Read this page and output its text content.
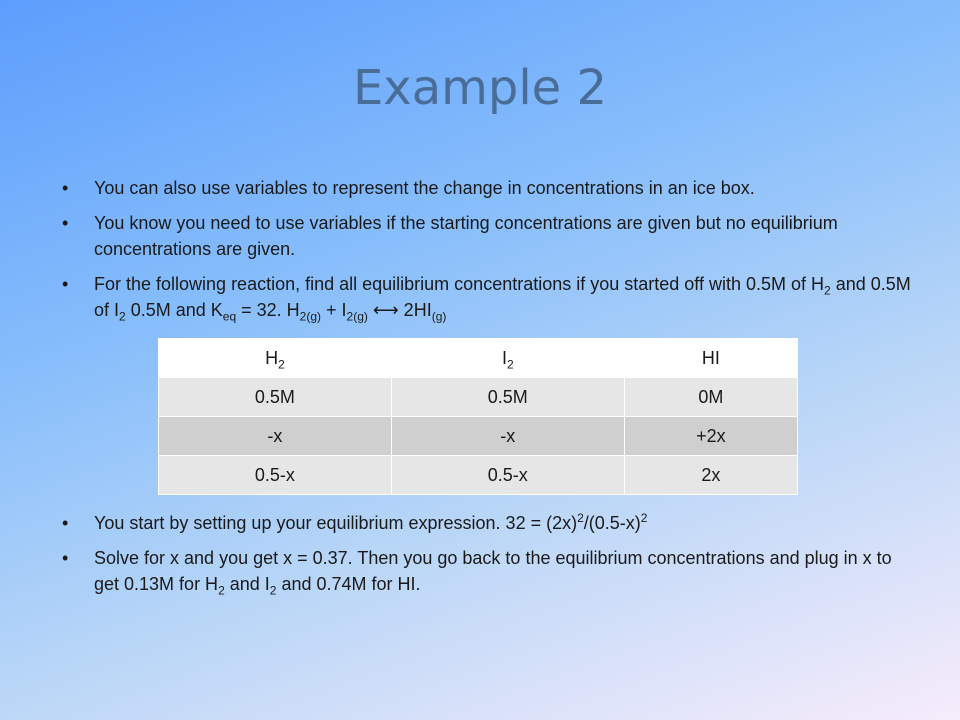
Example 2
• You can also use variables to represent the change in concentrations in an ice box.
• You know you need to use variables if the starting concentrations are given but no equilibrium concentrations are given.
• For the following reaction, find all equilibrium concentrations if you started off with 0.5M of $H_2$ and 0.5M of $I_2$ 0.5M and $K_{eq} = 32$. $H_{2(g)} + I_{2(g)}$ ⟷ $2HI_{(g)}$
$H_2$	$I_2$	HI
0.5M	0.5M	0M
-x	-x	+2x
0.5-x	0.5-x	2x
• You start by setting up your equilibrium expression. $32 = (2x)^2/(0.5-x)^2$
• Solve for x and you get x = 0.37. Then you go back to the equilibrium concentrations and plug in x to get 0.13M for $H_2$ and $I_2$ and 0.74M for HI.
